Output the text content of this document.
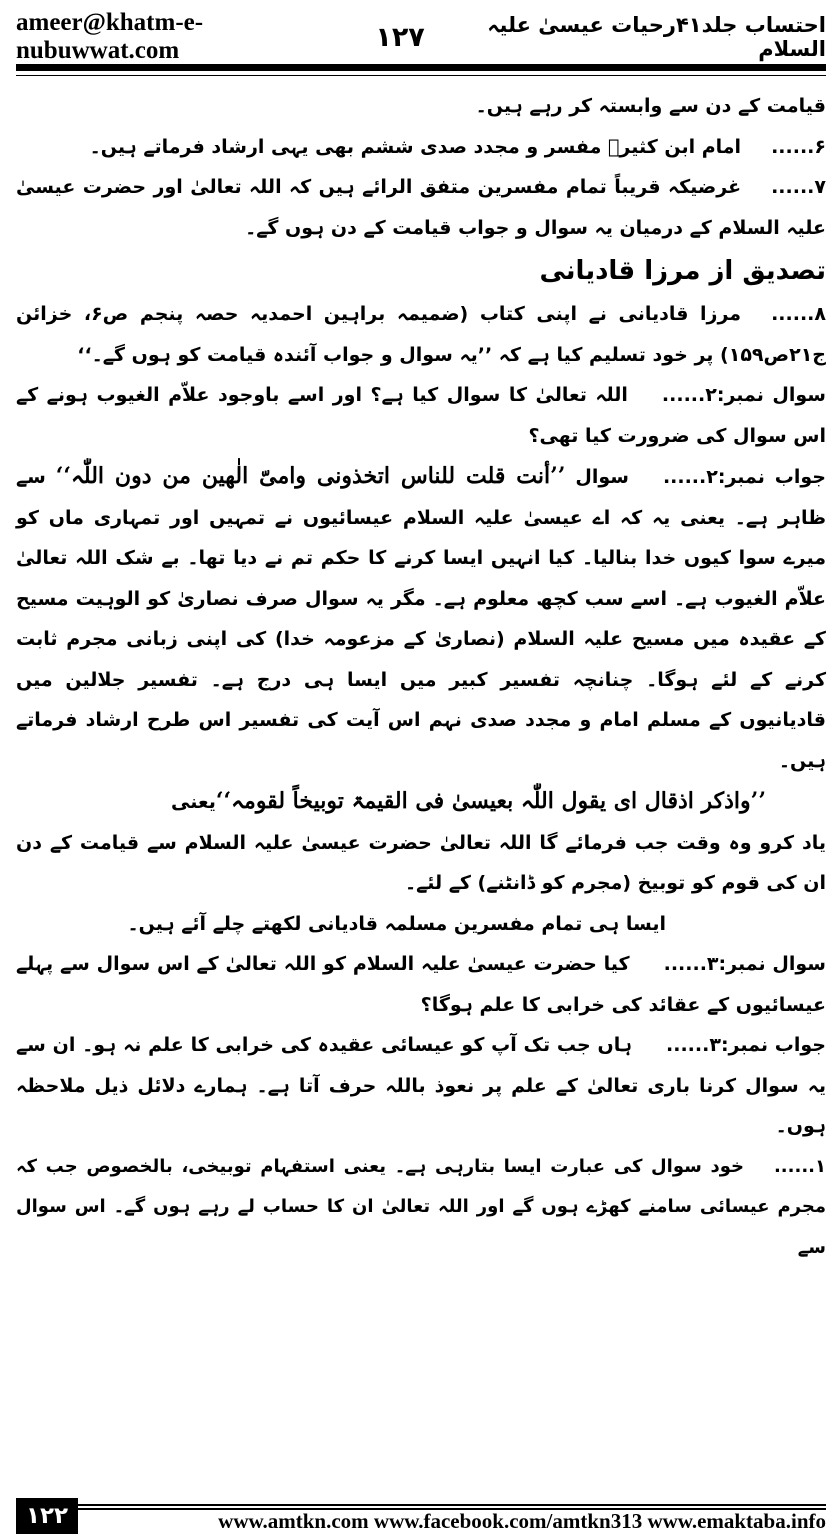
ameer@khatm-e-nubuwwat.com	۱۲۷	احتساب جلد۴۱رحیات عیسیٰ علیہ السلام

قیامت کے دن سے وابستہ کر رہے ہیں۔

۶......امام ابن کثیرؒ مفسر و مجدد صدی ششم بھی یہی ارشاد فرماتے ہیں۔

۷......غرضیکہ قریباً تمام مفسرین متفق الرائے ہیں کہ اللہ تعالیٰ اور حضرت عیسیٰ علیہ السلام کے درمیان یہ سوال و جواب قیامت کے دن ہوں گے۔

تصدیق از مرزا قادیانی

۸......مرزا قادیانی نے اپنی کتاب (ضمیمہ براہین احمدیہ حصہ پنجم ص۶، خزائن ج۲۱ص۱۵۹) پر خود تسلیم کیا ہے کہ ’’یہ سوال و جواب آئندہ قیامت کو ہوں گے۔‘‘

سوال نمبر:۲......اللہ تعالیٰ کا سوال کیا ہے؟ اور اسے باوجود علاّم الغیوب ہونے کے اس سوال کی ضرورت کیا تھی؟

جواب نمبر:۲......سوال ’’أنت قلت للناس اتخذونی وامیّ الٰھین من دون اللّٰہ‘‘ سے ظاہر ہے۔ یعنی یہ کہ اے عیسیٰ علیہ السلام عیسائیوں نے تمہیں اور تمہاری ماں کو میرے سوا کیوں خدا بنالیا۔ کیا انہیں ایسا کرنے کا حکم تم نے دیا تھا۔ بے شک اللہ تعالیٰ علاّم الغیوب ہے۔ اسے سب کچھ معلوم ہے۔ مگر یہ سوال صرف نصاریٰ کو الوہیت مسیح کے عقیدہ میں مسیح علیہ السلام (نصاریٰ کے مزعومہ خدا) کی اپنی زبانی مجرم ثابت کرنے کے لئے ہوگا۔ چنانچہ تفسیر کبیر میں ایسا ہی درج ہے۔ تفسیر جلالین میں قادیانیوں کے مسلم امام و مجدد صدی نہم اس آیت کی تفسیر اس طرح ارشاد فرماتے ہیں۔

’’واذکر اذقال ای یقول اللّٰہ بعیسیٰ فی القیمۃ توبیخاً لقومہ‘‘یعنی

یاد کرو وہ وقت جب فرمائے گا اللہ تعالیٰ حضرت عیسیٰ علیہ السلام سے قیامت کے دن ان کی قوم کو توبیخ (مجرم کو ڈانٹنے) کے لئے۔

ایسا ہی تمام مفسرین مسلمہ قادیانی لکھتے چلے آئے ہیں۔

سوال نمبر:۳......کیا حضرت عیسیٰ علیہ السلام کو اللہ تعالیٰ کے اس سوال سے پہلے عیسائیوں کے عقائد کی خرابی کا علم ہوگا؟

جواب نمبر:۳......ہاں جب تک آپ کو عیسائی عقیدہ کی خرابی کا علم نہ ہو۔ ان سے یہ سوال کرنا باری تعالیٰ کے علم پر نعوذ باللہ حرف آتا ہے۔ ہمارے دلائل ذیل ملاحظہ ہوں۔

۱......خود سوال کی عبارت ایسا بتارہی ہے۔ یعنی استفہام توبیخی، بالخصوص جب کہ مجرم عیسائی سامنے کھڑے ہوں گے اور اللہ تعالیٰ ان کا حساب لے رہے ہوں گے۔ اس سوال سے

۱۲۲	www.amtkn.com www.facebook.com/amtkn313 www.emaktaba.info
